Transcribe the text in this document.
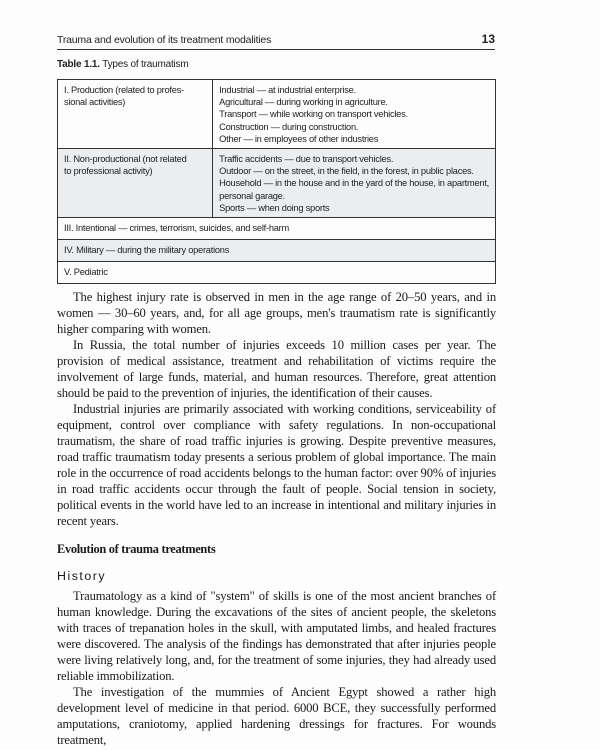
Trauma and evolution of its treatment modalities	13
Table 1.1. Types of traumatism
I. Production (related to profes-
sional activities)	Industrial — at industrial enterprise.
Agricultural — during working in agriculture.
Transport — while working on transport vehicles.
Construction — during construction.
Other — in employees of other industries

II. Non-productional (not related
to professional activity)	Traffic accidents — due to transport vehicles.
Outdoor — on the street, in the field, in the forest, in public places.
Household — in the house and in the yard of the house, in apartment,
personal garage.
Sports — when doing sports

III. Intentional — crimes, terrorism, suicides, and self-harm	
IV. Military — during the military operations	
V. Pediatric	

The highest injury rate is observed in men in the age range of 20–50 years, and in women — 30–60 years, and, for all age groups, men's traumatism rate is significantly higher comparing with women.

In Russia, the total number of injuries exceeds 10 million cases per year. The provision of medical assistance, treatment and rehabilitation of victims require the involvement of large funds, material, and human resources. Therefore, great attention should be paid to the prevention of injuries, the identification of their causes.

Industrial injuries are primarily associated with working conditions, serviceability of equipment, control over compliance with safety regulations. In non-occupational traumatism, the share of road traffic injuries is growing. Despite preventive measures, road traffic traumatism today presents a serious problem of global importance. The main role in the occurrence of road accidents belongs to the human factor: over 90% of injuries in road traffic accidents occur through the fault of people. Social tension in society, political events in the world have led to an increase in intentional and military injuries in recent years.

Evolution of trauma treatments
History

Traumatology as a kind of "system" of skills is one of the most ancient branches of human knowledge. During the excavations of the sites of ancient people, the skeletons with traces of trepanation holes in the skull, with amputated limbs, and healed fractures were discovered. The analysis of the findings has demonstrated that after injuries people were living relatively long, and, for the treatment of some injuries, they had already used reliable immobilization.

The investigation of the mummies of Ancient Egypt showed a rather high development level of medicine in that period. 6000 BCE, they successfully performed amputations, craniotomy, applied hardening dressings for fractures. For wounds treatment,
